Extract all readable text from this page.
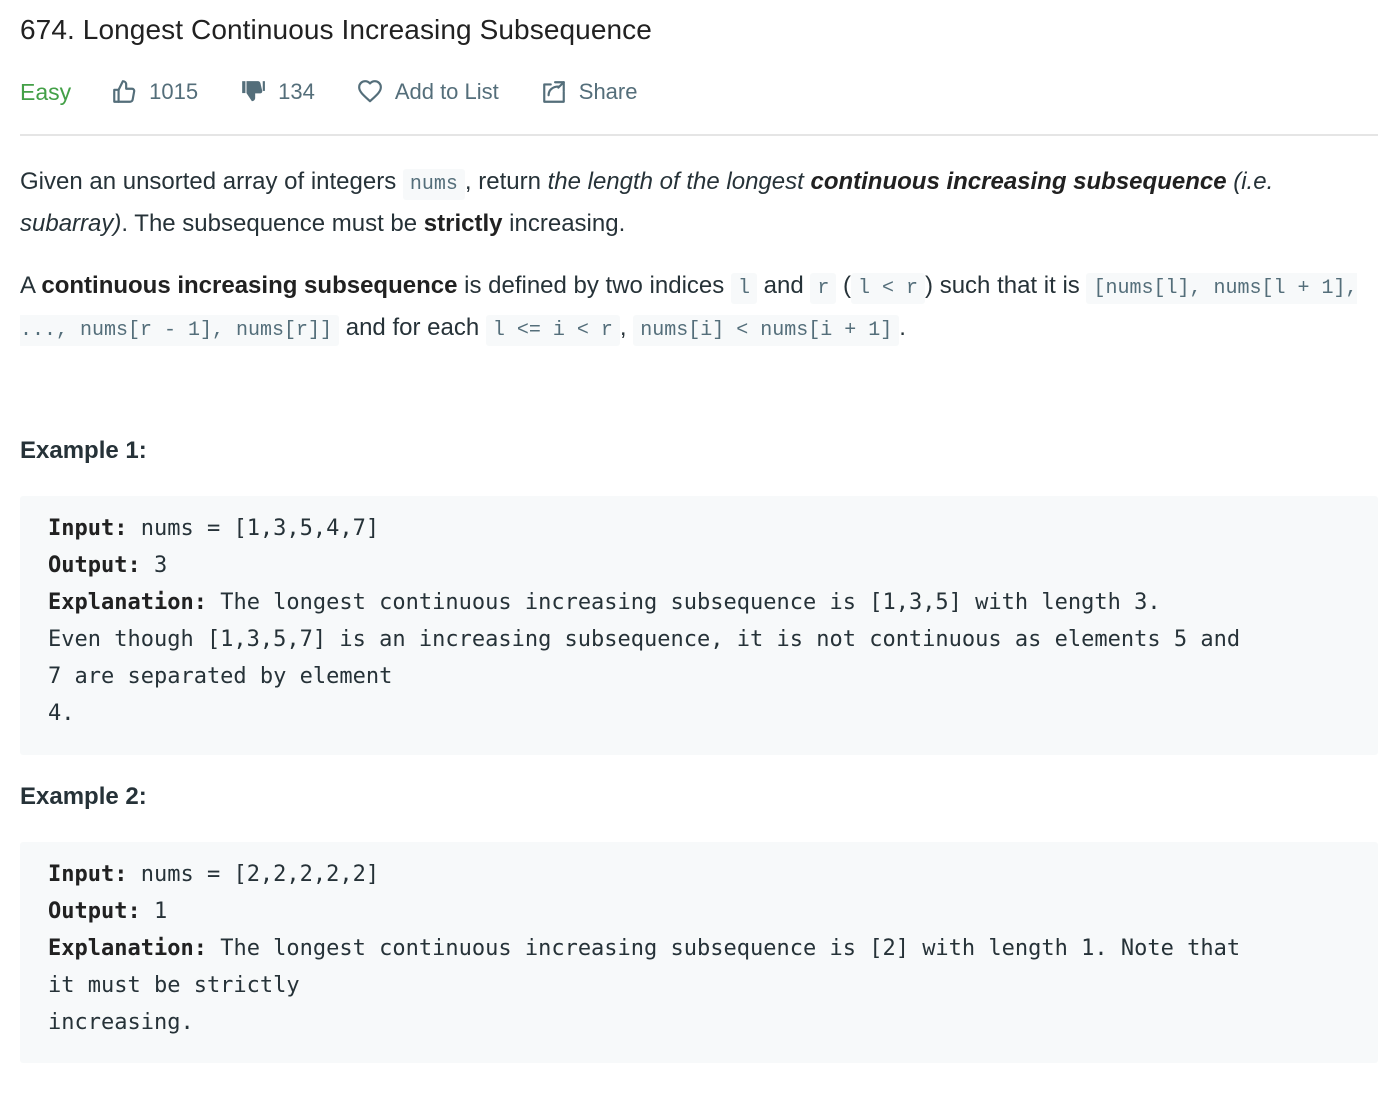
674. Longest Continuous Increasing Subsequence
Easy	1015	134	Add to List	Share

Given an unsorted array of integers nums , return the length of the longest continuous increasing subsequence (i.e. subarray). The subsequence must be strictly increasing.

A continuous increasing subsequence is defined by two indices l and r ( l < r ) such that it is [nums[l], nums[l + 1], ..., nums[r - 1], nums[r]] and for each l <= i < r , nums[i] < nums[i + 1] .

Example 1:
Input: nums = [1,3,5,4,7]
Output: 3
Explanation: The longest continuous increasing subsequence is [1,3,5] with length 3.
Even though [1,3,5,7] is an increasing subsequence, it is not continuous as elements 5 and
7 are separated by element
4.
Example 2:
Input: nums = [2,2,2,2,2]
Output: 1
Explanation: The longest continuous increasing subsequence is [2] with length 1. Note that
it must be strictly
increasing.
